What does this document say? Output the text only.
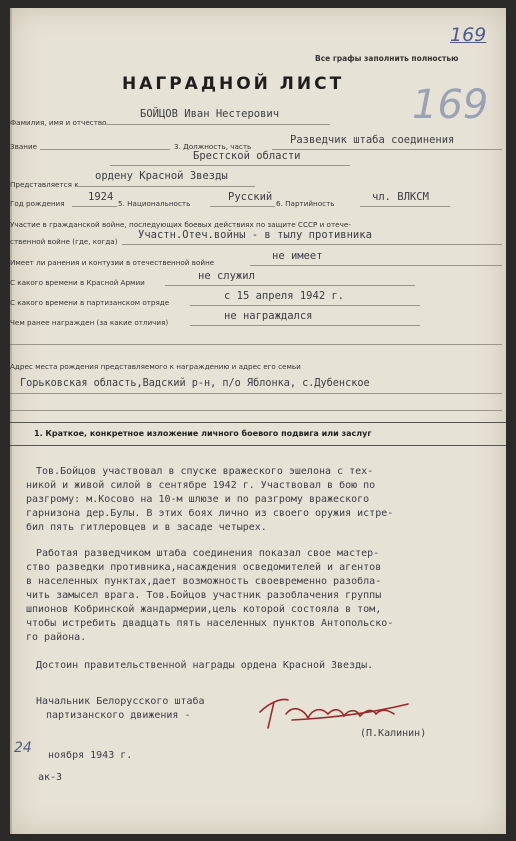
Все графы заполнить полностью
169
169
НАГРАДНОЙ ЛИСТ
Фамилия, имя и отчество
БОЙЦОВ Иван Нестерович
Звание	3. Должность, часть
Разведчик штаба соединения
Брестской области
Представляется к
ордену Красной Звезды
Год рождения
1924
5. Национальность
Русский
6. Партийность
чл. ВЛКСМ
Участие в гражданской войне, последующих боевых действиях по защите СССР и отече-
ственной войне (где, когда)
Участн.Отеч.войны - в тылу противника
Имеет ли ранения и контузии в отечественной войне
не имеет
С какого времени в Красной Армии
не служил
С какого времени в партизанском отряде
с 15 апреля 1942 г.
Чем ранее награжден (за какие отличия)
не награждался
Адрес места рождения представляемого к награждению и адрес его семьи
Горьковская область,Вадский р-н, п/о Яблонка, с.Дубенское
1. Краткое, конкретное изложение личного боевого подвига или заслуг
Тов.Бойцов участвовал в спуске вражеского эшелона с тех-
никой и живой силой в сентябре 1942 г. Участвовал в бою по
разгрому: м.Косово на 10-м шлюзе и по разгрому вражеского
гарнизона дер.Булы. В этих боях лично из своего оружия истре-
бил пять гитлеровцев и в засаде четырех.
Работая разведчиком штаба соединения показал свое мастер-
ство разведки противника,насаждения осведомителей и агентов
в населенных пунктах,дает возможность своевременно разобла-
чить замысел врага. Тов.Бойцов участник разоблачения группы
шпионов Кобринской жандармерии,цель которой состояла в том,
чтобы истребить двадцать пять населенных пунктов Антопольско-
го района.
Достоин правительственной награды ордена Красной Звезды.
Начальник Белорусского штаба
партизанского движения -
(П.Калинин)
24 ноября 1943 г.
ак-3
